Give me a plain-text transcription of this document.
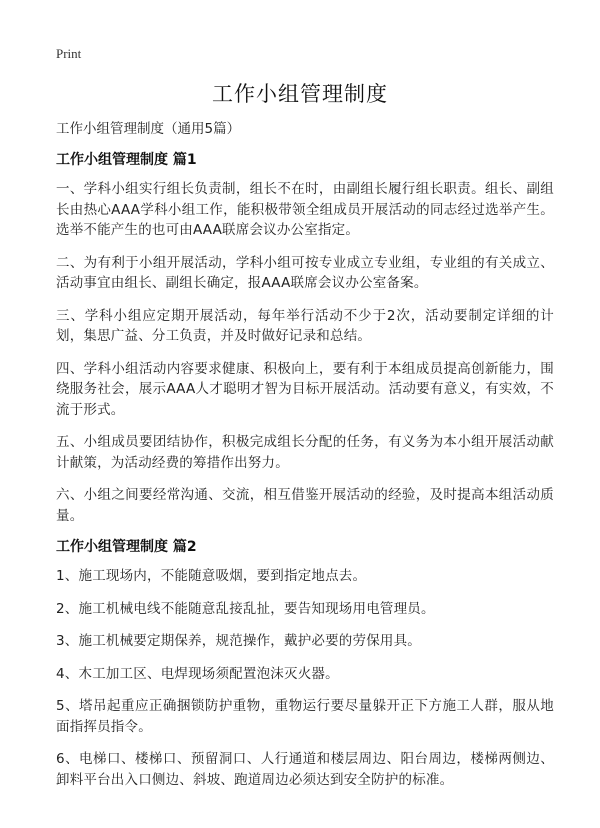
Print
工作小组管理制度
工作小组管理制度（通用5篇）
工作小组管理制度 篇1

一、学科小组实行组长负责制，组长不在时，由副组长履行组长职责。组长、副组长由热心AAA学科小组工作，能积极带领全组成员开展活动的同志经过选举产生。选举不能产生的也可由AAA联席会议办公室指定。

二、为有利于小组开展活动，学科小组可按专业成立专业组，专业组的有关成立、活动事宜由组长、副组长确定，报AAA联席会议办公室备案。

三、学科小组应定期开展活动，每年举行活动不少于2次，活动要制定详细的计划，集思广益、分工负责，并及时做好记录和总结。

四、学科小组活动内容要求健康、积极向上，要有利于本组成员提高创新能力，围绕服务社会，展示AAA人才聪明才智为目标开展活动。活动要有意义，有实效，不流于形式。

五、小组成员要团结协作，积极完成组长分配的任务，有义务为本小组开展活动献计献策，为活动经费的筹措作出努力。

六、小组之间要经常沟通、交流，相互借鉴开展活动的经验，及时提高本组活动质量。

工作小组管理制度 篇2

1、施工现场内，不能随意吸烟，要到指定地点去。

2、施工机械电线不能随意乱接乱扯，要告知现场用电管理员。

3、施工机械要定期保养，规范操作，戴护必要的劳保用具。

4、木工加工区、电焊现场须配置泡沫灭火器。

5、塔吊起重应正确捆锁防护重物，重物运行要尽量躲开正下方施工人群，服从地面指挥员指令。

6、电梯口、楼梯口、预留洞口、人行通道和楼层周边、阳台周边，楼梯两侧边、卸料平台出入口侧边、斜坡、跑道周边必须达到安全防护的标准。
